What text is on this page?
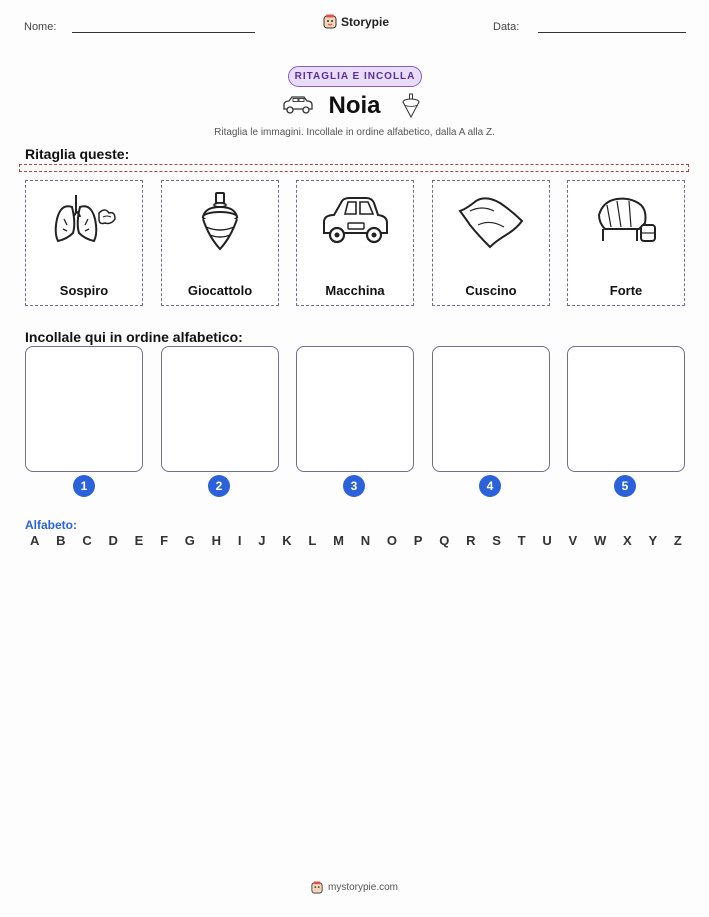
Nome:	Storypie	Data:
RITAGLIA E INCOLLA
Noia
Ritaglia le immagini. Incollale in ordine alfabetico, dalla A alla Z.
Ritaglia queste:
Sospiro	Giocattolo	Macchina	Cuscino	Forte
Incollale qui in ordine alfabetico:
1	2	3	4	5
Alfabeto:
A B C D E F G H I J K L M N O P Q R S T U V W X Y Z
mystorypie.com
